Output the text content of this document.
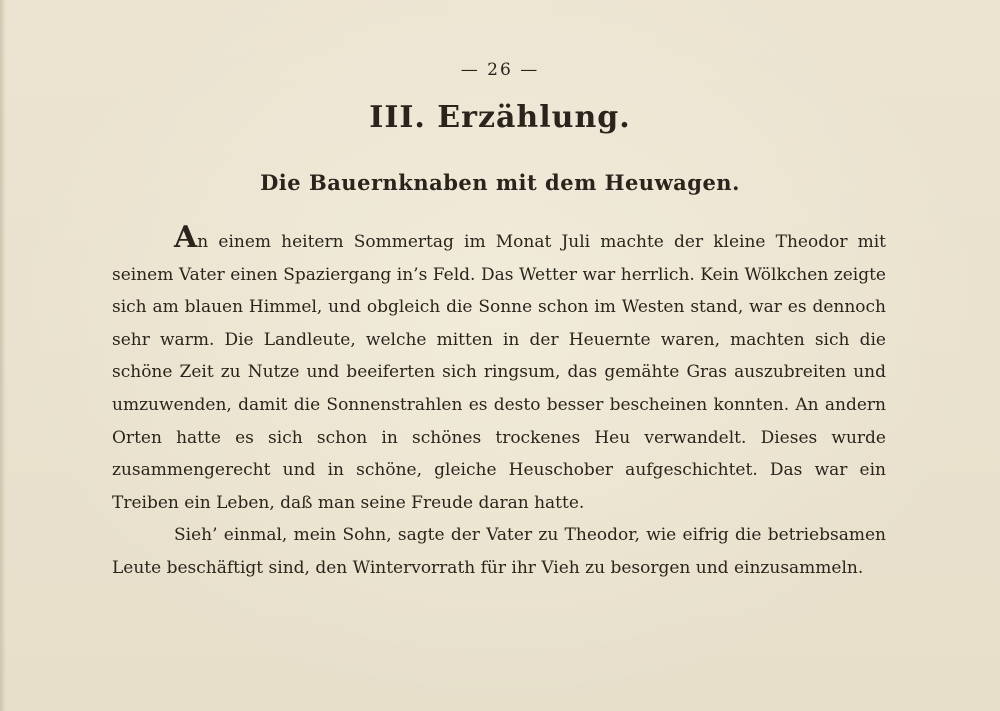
— 26 —
III. Erzählung.
Die Bauernknaben mit dem Heuwagen.

An einem heitern Sommertag im Monat Juli machte der kleine Theodor mit seinem Vater einen Spaziergang in’s Feld. Das Wetter war herrlich. Kein Wölkchen zeigte sich am blauen Himmel, und obgleich die Sonne schon im Westen stand, war es dennoch sehr warm. Die Landleute, welche mitten in der Heuernte waren, machten sich die schöne Zeit zu Nutze und beeiferten sich ringsum, das gemähte Gras auszubreiten und umzuwenden, damit die Sonnenstrahlen es desto besser bescheinen konnten. An andern Orten hatte es sich schon in schönes trockenes Heu verwandelt. Dieses wurde zusammengerecht und in schöne, gleiche Heuschober aufgeschichtet. Das war ein Treiben ein Leben, daß man seine Freude daran hatte.

Sieh’ einmal, mein Sohn, sagte der Vater zu Theodor, wie eifrig die betriebsamen Leute beschäftigt sind, den Wintervorrath für ihr Vieh zu besorgen und einzusammeln.
